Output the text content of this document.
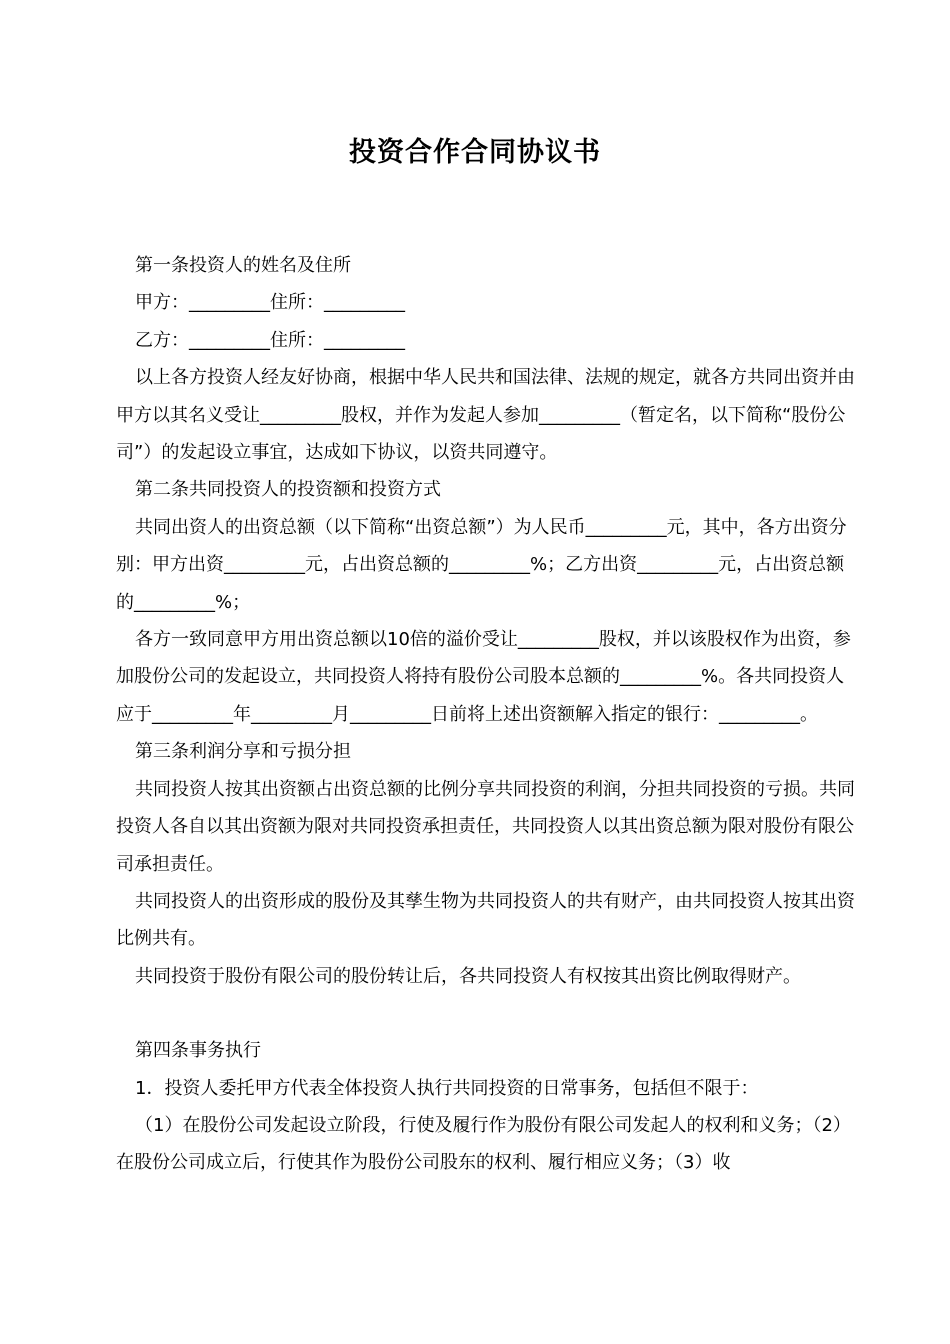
投资合作合同协议书

第一条投资人的姓名及住所

甲方：_________住所：_________

乙方：_________住所：_________

以上各方投资人经友好协商，根据中华人民共和国法律、法规的规定，就各方共同出资并由甲方以其名义受让_________股权，并作为发起人参加_________（暂定名，以下简称“股份公司”）的发起设立事宜，达成如下协议，以资共同遵守。

第二条共同投资人的投资额和投资方式

共同出资人的出资总额（以下简称“出资总额”）为人民币_________元，其中，各方出资分别：甲方出资_________元，占出资总额的_________%；乙方出资_________元，占出资总额的_________%；

各方一致同意甲方用出资总额以10倍的溢价受让_________股权，并以该股权作为出资，参加股份公司的发起设立，共同投资人将持有股份公司股本总额的_________%。各共同投资人应于_________年_________月_________日前将上述出资额解入指定的银行：_________。

第三条利润分享和亏损分担

共同投资人按其出资额占出资总额的比例分享共同投资的利润，分担共同投资的亏损。共同投资人各自以其出资额为限对共同投资承担责任，共同投资人以其出资总额为限对股份有限公司承担责任。

共同投资人的出资形成的股份及其孳生物为共同投资人的共有财产，由共同投资人按其出资比例共有。

共同投资于股份有限公司的股份转让后，各共同投资人有权按其出资比例取得财产。

第四条事务执行

1．投资人委托甲方代表全体投资人执行共同投资的日常事务，包括但不限于：

（1）在股份公司发起设立阶段，行使及履行作为股份有限公司发起人的权利和义务；（2）在股份公司成立后，行使其作为股份公司股东的权利、履行相应义务；（3）收
